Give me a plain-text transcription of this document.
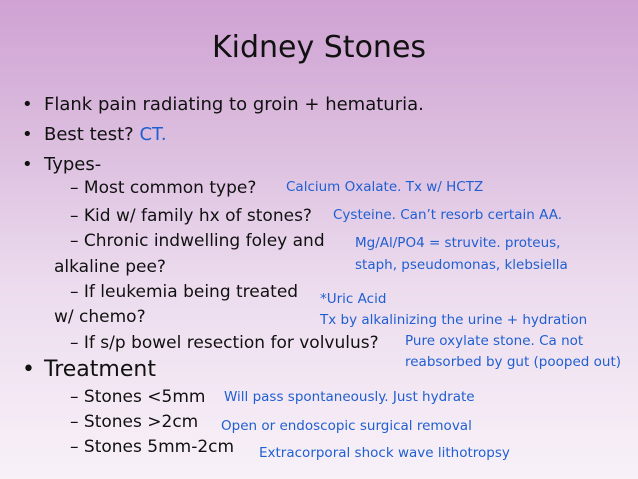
Kidney Stones
• Flank pain radiating to groin + hematuria.
• Best test? CT.
• Types-
– Most common type? Calcium Oxalate. Tx w/ HCTZ
– Kid w/ family hx of stones? Cysteine. Can’t resorb certain AA.
– Chronic indwelling foley and
alkaline pee?
Mg/Al/PO4 = struvite. proteus,
staph, pseudomonas, klebsiella
– If leukemia being treated
w/ chemo?
*Uric Acid
Tx by alkalinizing the urine + hydration
– If s/p bowel resection for volvulus? Pure oxylate stone. Ca not
reabsorbed by gut (pooped out)
• Treatment
– Stones <5mm Will pass spontaneously. Just hydrate
– Stones >2cm Open or endoscopic surgical removal
– Stones 5mm-2cm Extracorporal shock wave lithotropsy
